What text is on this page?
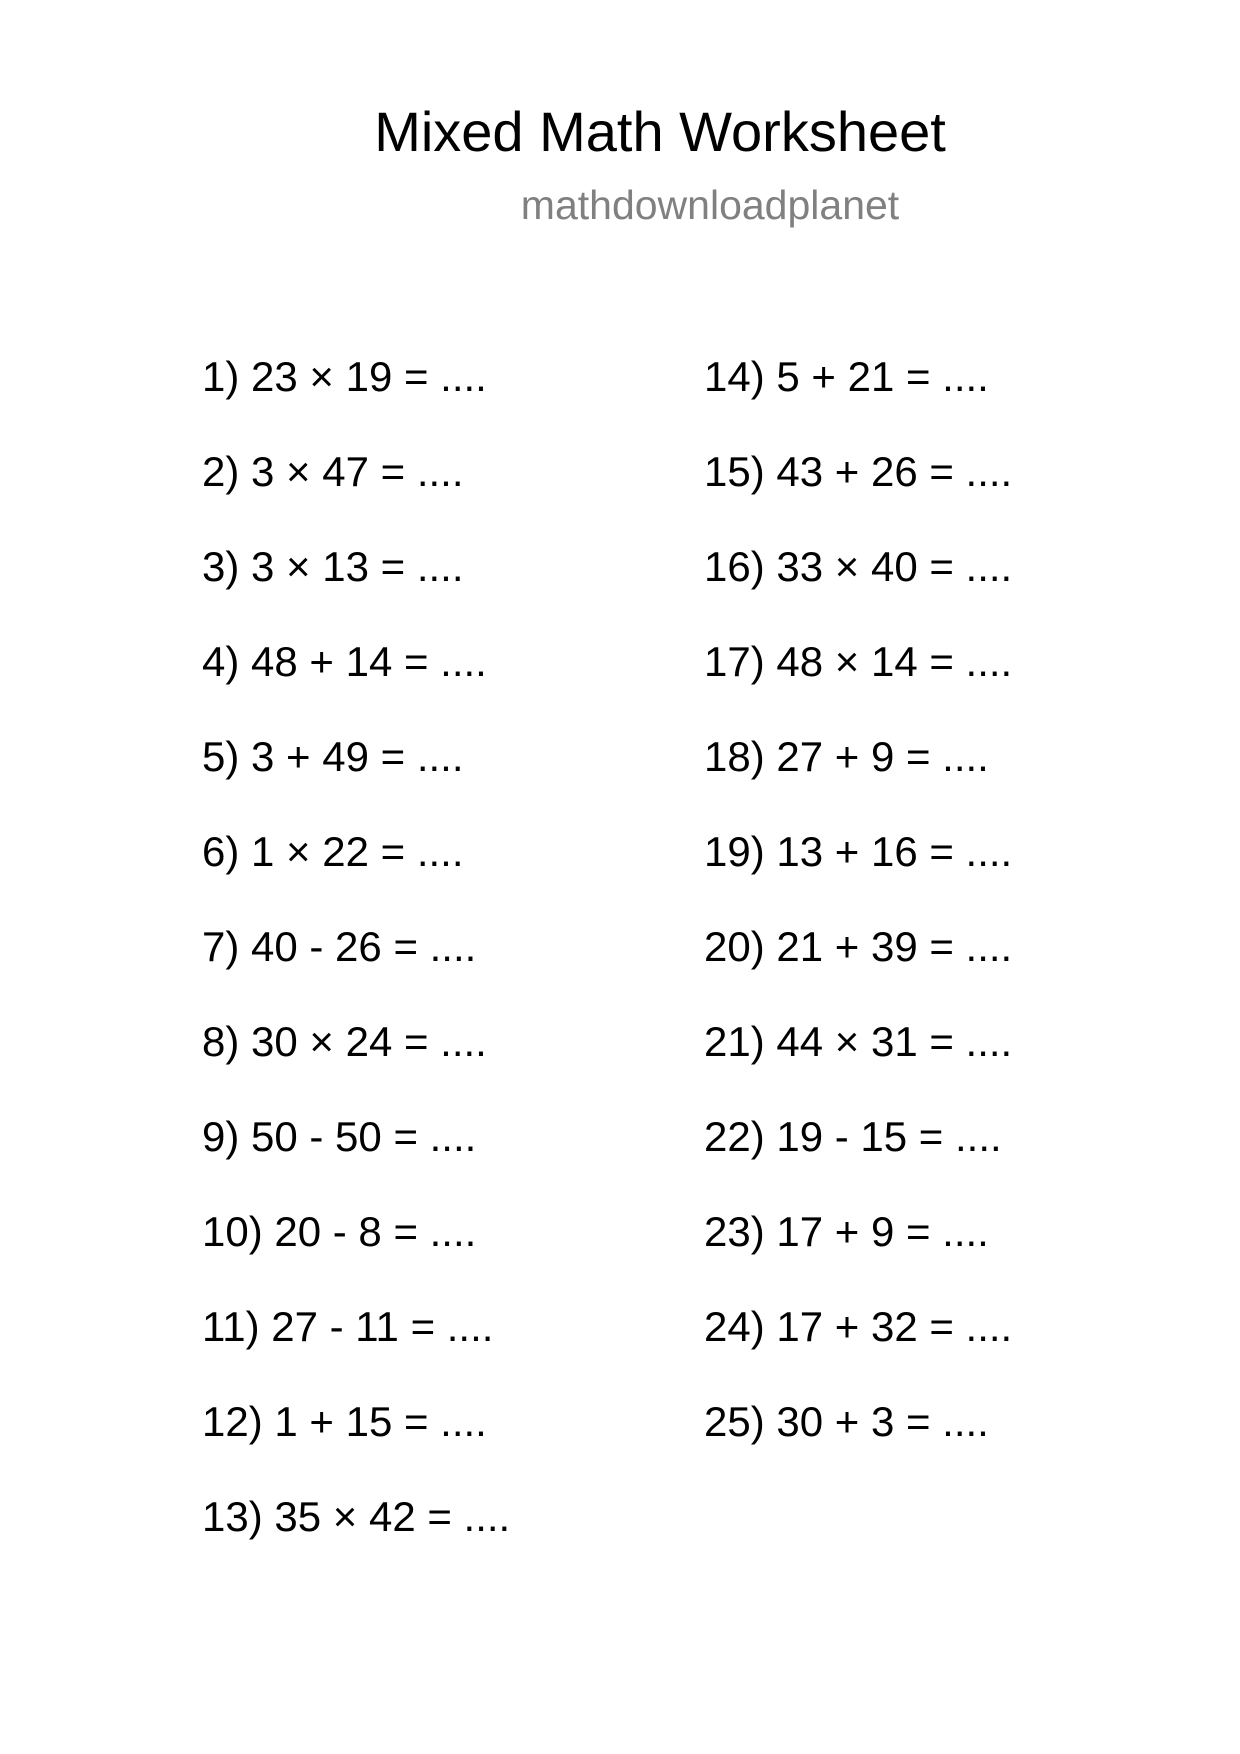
Mixed Math Worksheet
mathdownloadplanet
1) 23 × 19 = ....
2) 3 × 47 = ....
3) 3 × 13 = ....
4) 48 + 14 = ....
5) 3 + 49 = ....
6) 1 × 22 = ....
7) 40 - 26 = ....
8) 30 × 24 = ....
9) 50 - 50 = ....
10) 20 - 8 = ....
11) 27 - 11 = ....
12) 1 + 15 = ....
13) 35 × 42 = ....
14) 5 + 21 = ....
15) 43 + 26 = ....
16) 33 × 40 = ....
17) 48 × 14 = ....
18) 27 + 9 = ....
19) 13 + 16 = ....
20) 21 + 39 = ....
21) 44 × 31 = ....
22) 19 - 15 = ....
23) 17 + 9 = ....
24) 17 + 32 = ....
25) 30 + 3 = ....
